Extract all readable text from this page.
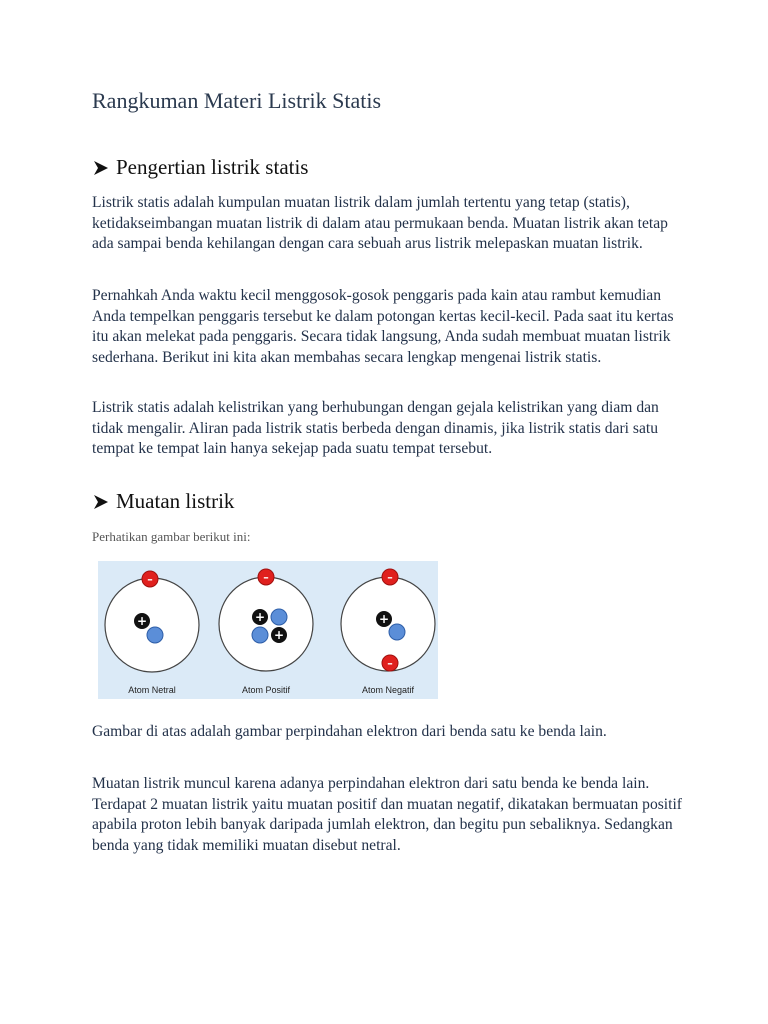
Rangkuman Materi Listrik Statis
Pengertian listrik statis

Listrik statis adalah kumpulan muatan listrik dalam jumlah tertentu yang tetap (statis), ketidakseimbangan muatan listrik di dalam atau permukaan benda. Muatan listrik akan tetap ada sampai benda kehilangan dengan cara sebuah arus listrik melepaskan muatan listrik.

Pernahkah Anda waktu kecil menggosok-gosok penggaris pada kain atau rambut kemudian Anda tempelkan penggaris tersebut ke dalam potongan kertas kecil-kecil. Pada saat itu kertas itu akan melekat pada penggaris. Secara tidak langsung, Anda sudah membuat muatan listrik sederhana. Berikut ini kita akan membahas secara lengkap mengenai listrik statis.

Listrik statis adalah kelistrikan yang berhubungan dengan gejala kelistrikan yang diam dan tidak mengalir. Aliran pada listrik statis berbeda dengan dinamis, jika listrik statis dari satu tempat ke tempat lain hanya sekejap pada suatu tempat tersebut.

Muatan listrik

Perhatikan gambar berikut ini:

–
+
Atom Netral
–
+
+
Atom Positif
–
+
–
Atom Negatif

Gambar di atas adalah gambar perpindahan elektron dari benda satu ke benda lain.

Muatan listrik muncul karena adanya perpindahan elektron dari satu benda ke benda lain. Terdapat 2 muatan listrik yaitu muatan positif dan muatan negatif, dikatakan bermuatan positif apabila proton lebih banyak daripada jumlah elektron, dan begitu pun sebaliknya. Sedangkan benda yang tidak memiliki muatan disebut netral.
